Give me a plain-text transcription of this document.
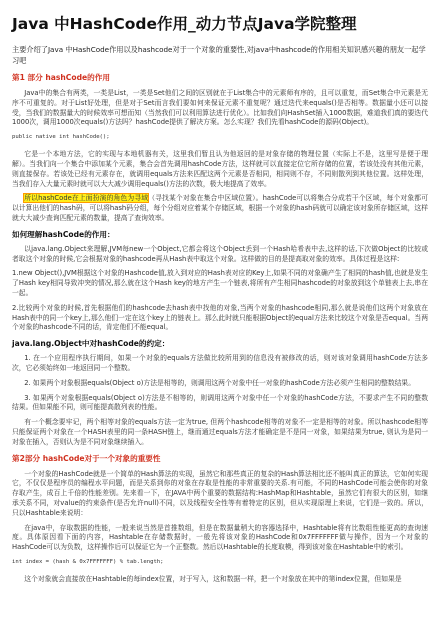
Java 中HashCode作用_动力节点Java学院整理
主要介绍了Java 中HashCode作用以及hashcode对于一个对象的重要性,对java中hashcode的作用相关知识感兴趣的朋友一起学习吧
第1 部分 hashCode的作用

Java中的集合有两类，一类是List，一类是Set他们之间的区别就在于List集合中的元素师有序的，且可以重复，而Set集合中元素是无序不可重复的。对于List好处理，但是对于Set而言我们要如何来保证元素不重复呢？通过迭代来equals()是否相等。数据量小还可以接受，当我们的数据量大的时候效率可想而知（当然我们可以利用算法进行优化）。比如我们向HashSet插入1000数据，难道我们真的要迭代1000次，调用1000次equals()方法吗？hashCode提供了解决方案。怎么实现？我们先看hashCode的源码(Object)。

public native int hashCode();

它是一个本地方法，它的实现与本地机器有关，这里我们暂且认为他返回的是对象存储的物理位置（实际上不是，这里写是便于理解）。当我们向一个集合中添加某个元素，集合会首先调用hashCode方法，这样就可以直接定位它所存储的位置，若该处没有其他元素，则直接保存。若该处已经有元素存在，就调用equals方法来匹配这两个元素是否相同，相同则不存，不同则散列到其他位置。这样处理，当我们存入大量元素时就可以大大减少调用equals()方法的次数，极大地提高了效率。

所以hashCode在上面扮演的角色为寻域（寻找某个对象在集合中区域位置）。hashCode可以将集合分成若干个区域，每个对象都可以计算出他们的hash码，可以将hash码分组，每个分组对应着某个存储区域，根据一个对象的hash码就可以确定该对象所存储区域，这样就大大减少查询匹配元素的数量，提高了查询效率。

如何理解hashCode的作用：

以java.lang.Object来理解,JVM每new一个Object,它都会将这个Object丢到一个Hash哈希表中去,这样的话,下次做Object的比较或者取这个对象的时候,它会根据对象的hashcode再从Hash表中取这个对象。这样做的目的是提高取对象的效率。具体过程是这样:

1.new Object(),JVM根据这个对象的Hashcode值,放入到对应的Hash表对应的Key上,如果不同的对象确产生了相同的hash值,也就是发生了Hash key相同导致冲突的情况,那么就在这个Hash key的地方产生一个链表,将所有产生相同hashcode的对象放到这个单链表上去,串在一起。

2.比较两个对象的时候,首先根据他们的hashcode去hash表中找他的对象,当两个对象的hashcode相同,那么就是说他们这两个对象放在Hash表中的同一个key上,那么他们一定在这个key上的链表上。那么此时就只能根据Object的equal方法来比较这个对象是否equal。当两个对象的hashcode不同的话，肯定他们不能equal。

java.lang.Object中对hashCode的约定：

1. 在一个应用程序执行期间，如果一个对象的equals方法做比较所用到的信息没有被修改的话，则对该对象调用hashCode方法多次，它必须始终如一地返回同一个整数。

2. 如果两个对象根据equals(Object o)方法是相等的，则调用这两个对象中任一对象的hashCode方法必须产生相同的整数结果。

3. 如果两个对象根据equals(Object o)方法是不相等的，则调用这两个对象中任一个对象的hashCode方法，不要求产生不同的整数结果。但如果能不同，则可能提高散列表的性能。

有一个概念要牢记，两个相等对象的equals方法一定为true, 但两个hashcode相等的对象不一定是相等的对象。所以hashcode相等只能保证两个对象在一个HASH表里的同一条HASH链上，继而通过equals方法才能确定是不是同一对象，如果结果为true, 则认为是同一对象在插入，否则认为是不同对象继续插入。

第2部分 hashCode对于一个对象的重要性

一个对象的HashCode就是一个简单的Hash算法的实现，虽然它和那些真正的复杂的Hash算法相比还不能叫真正的算法，它如何实现它，不仅仅是程序员的编程水平问题，而是关系到你的对象在存取是性能的非常重要的关系.有可能，不同的HashCode可能会使你的对象存取产生，成百上千倍的性能差别。先来看一下，在JAVA中两个重要的数据结构:HashMap和Hashtable，虽然它们有很大的区别，如继承关系不同，对value的约束条件(是否允许null)不同，以及线程安全性等有着特定的区别，但从实现原理上来说，它们是一致的。所以，只以Hashtable来说明：

在java中，存取数据的性能，一般来说当然是首推数组，但是在数据量稍大的容器选择中，Hashtable将有比数组性能更高的查询速度。具体原因看下面的内容，Hashtable在存储数据时，一般先将该对象的HashCode和0x7FFFFFFF做与操作，因为一个对象的HashCode可以为负数，这样操作后可以保证它为一个正整数。然后以Hashtable的长度取模，得到该对象在Hashtable中的索引。

int index = (hash & 0x7FFFFFFF) % tab.length;

这个对象就会直接放在Hashtable的每index位置，对于写入，这和数据一样，把一个对象放在其中的第index位置，但如果是
